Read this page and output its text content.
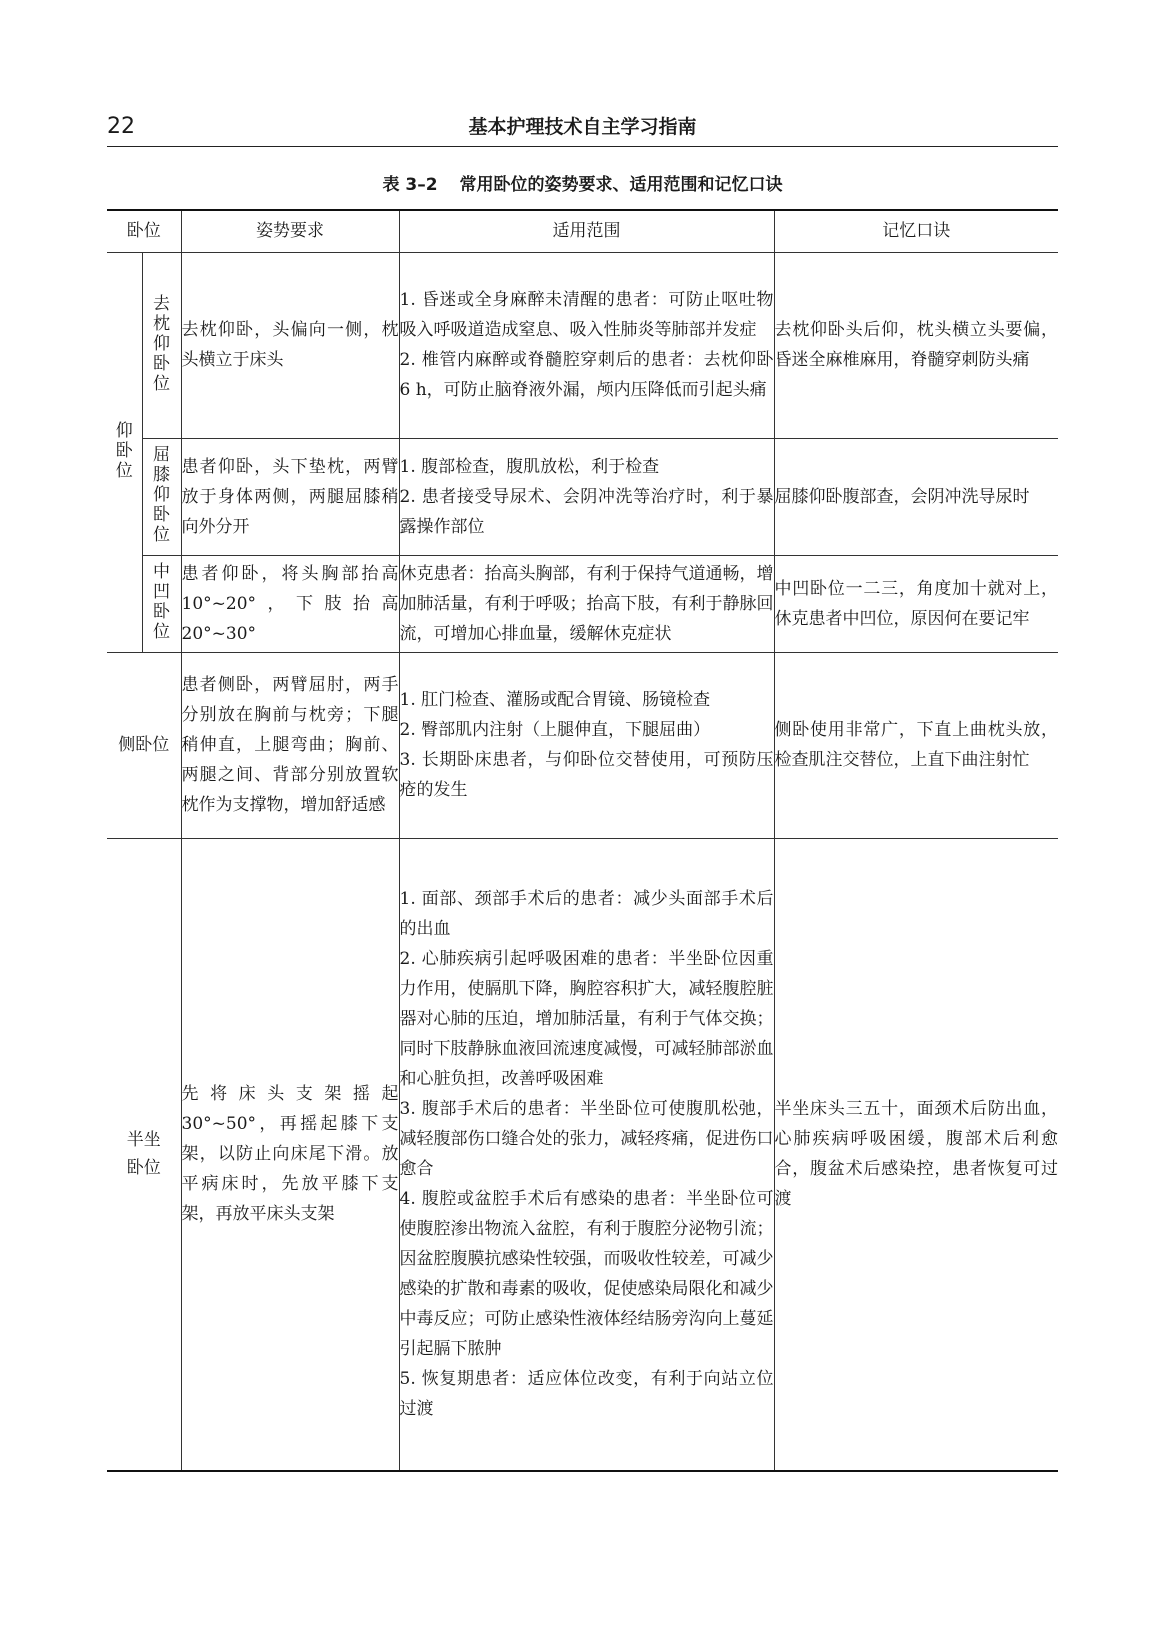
22	基本护理技术自主学习指南
表 3–2 常用卧位的姿势要求、适用范围和记忆口诀
卧位		姿势要求	适用范围	记忆口诀
仰卧位	去枕仰卧位	去枕仰卧，头偏向一侧，枕头横立于床头	1. 昏迷或全身麻醉未清醒的患者：可防止呕吐物吸入呼吸道造成窒息、吸入性肺炎等肺部并发症
2. 椎管内麻醉或脊髓腔穿刺后的患者：去枕仰卧 6 h，可防止脑脊液外漏，颅内压降低而引起头痛	去枕仰卧头后仰，枕头横立头要偏，昏迷全麻椎麻用，脊髓穿刺防头痛
	屈膝仰卧位	患者仰卧，头下垫枕，两臂放于身体两侧，两腿屈膝稍向外分开	1. 腹部检查，腹肌放松，利于检查
2. 患者接受导尿术、会阴冲洗等治疗时，利于暴露操作部位	屈膝仰卧腹部查，会阴冲洗导尿时
	中凹卧位	患者仰卧，将头胸部抬高 10°~20°，下肢抬高 20°~30°	休克患者：抬高头胸部，有利于保持气道通畅，增加肺活量，有利于呼吸；抬高下肢，有利于静脉回流，可增加心排血量，缓解休克症状	中凹卧位一二三，角度加十就对上，休克患者中凹位，原因何在要记牢
侧卧位		患者侧卧，两臂屈肘，两手分别放在胸前与枕旁；下腿稍伸直，上腿弯曲；胸前、两腿之间、背部分别放置软枕作为支撑物，增加舒适感	1. 肛门检查、灌肠或配合胃镜、肠镜检查
2. 臀部肌内注射（上腿伸直，下腿屈曲）
3. 长期卧床患者，与仰卧位交替使用，可预防压疮的发生	侧卧使用非常广，下直上曲枕头放，检查肌注交替位，上直下曲注射忙
半坐卧位		先将床头支架摇起 30°~50°，再摇起膝下支架，以防止向床尾下滑。放平病床时，先放平膝下支架，再放平床头支架	1. 面部、颈部手术后的患者：减少头面部手术后的出血
2. 心肺疾病引起呼吸困难的患者：半坐卧位因重力作用，使膈肌下降，胸腔容积扩大，减轻腹腔脏器对心肺的压迫，增加肺活量，有利于气体交换；同时下肢静脉血液回流速度减慢，可减轻肺部淤血和心脏负担，改善呼吸困难
3. 腹部手术后的患者：半坐卧位可使腹肌松弛，减轻腹部伤口缝合处的张力，减轻疼痛，促进伤口愈合
4. 腹腔或盆腔手术后有感染的患者：半坐卧位可使腹腔渗出物流入盆腔，有利于腹腔分泌物引流；因盆腔腹膜抗感染性较强，而吸收性较差，可减少感染的扩散和毒素的吸收，促使感染局限化和减少中毒反应；可防止感染性液体经结肠旁沟向上蔓延引起膈下脓肿
5. 恢复期患者：适应体位改变，有利于向站立位过渡	半坐床头三五十，面颈术后防出血，心肺疾病呼吸困缓，腹部术后利愈合，腹盆术后感染控，患者恢复可过渡
